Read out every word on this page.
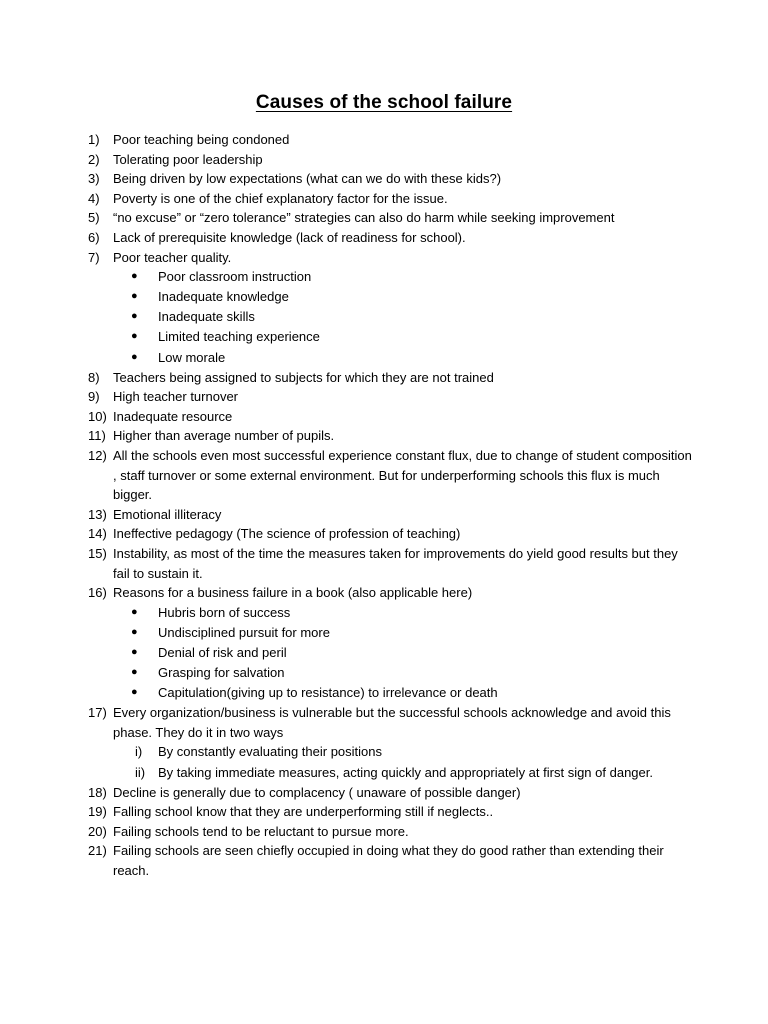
Causes of the school failure
1) Poor teaching being condoned
2) Tolerating poor leadership
3) Being driven by low expectations (what can we do with these kids?)
4) Poverty is one of the chief explanatory factor for the issue.
5) “no excuse” or “zero tolerance” strategies can also do harm while seeking improvement
6) Lack of prerequisite knowledge (lack of readiness for school).
7) Poor teacher quality.
● Poor classroom instruction
● Inadequate knowledge
● Inadequate skills
● Limited teaching experience
● Low morale
8) Teachers being assigned to subjects for which they are not trained
9) High teacher turnover
10) Inadequate resource
11) Higher than average number of pupils.
12) All the schools even most successful experience constant flux, due to change of student composition , staff turnover or some external environment. But for underperforming schools this flux is much bigger.
13) Emotional illiteracy
14) Ineffective pedagogy (The science of profession of teaching)
15) Instability, as most of the time the measures taken for improvements do yield good results but they fail to sustain it.
16) Reasons for a business failure in a book (also applicable here)
● Hubris born of success
● Undisciplined pursuit for more
● Denial of risk and peril
● Grasping for salvation
● Capitulation(giving up to resistance) to irrelevance or death
17) Every organization/business is vulnerable but the successful schools acknowledge and avoid this phase. They do it in two ways
i) By constantly evaluating their positions
ii) By taking immediate measures, acting quickly and appropriately at first sign of danger.
18) Decline is generally due to complacency ( unaware of possible danger)
19) Falling school know that they are underperforming still if neglects..
20) Failing schools tend to be reluctant to pursue more.
21) Failing schools are seen chiefly occupied in doing what they do good rather than extending their reach.
